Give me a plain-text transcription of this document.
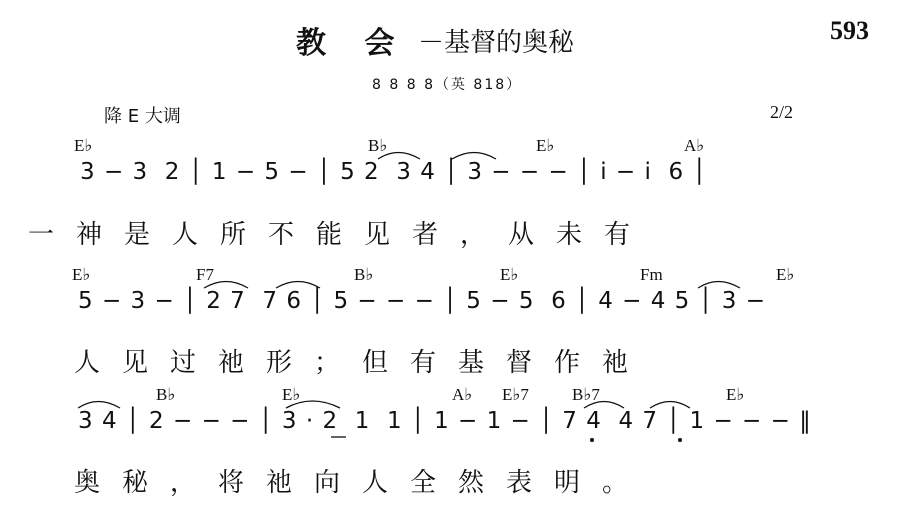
教 会 －基督的奥秘	593
8 8 8 8（英 818）
降 E 大调	2/2
E♭	B♭	E♭	A♭
3 − 3  2 │ 1 − 5 − │ 5 2  3 4 │ 3 − − − │ i − i  6 │
一神是人所不能见者，从未有
E♭	F7	B♭	E♭	Fm	E♭
5 − 3 − │ 2 7  7 6 │ 5 − − − │ 5 − 5  6 │ 4 − 4 5 │ 3 −
人见过祂形；但有基督作祂
B♭	E♭	A♭ E♭7	B♭7	E♭
3 4 │ 2 − − − │ 3 · 2  1  1 │ 1 − 1 − │ 7 4  4 7 │ 1 − − − ‖
奥秘，将祂向人全然表明。
